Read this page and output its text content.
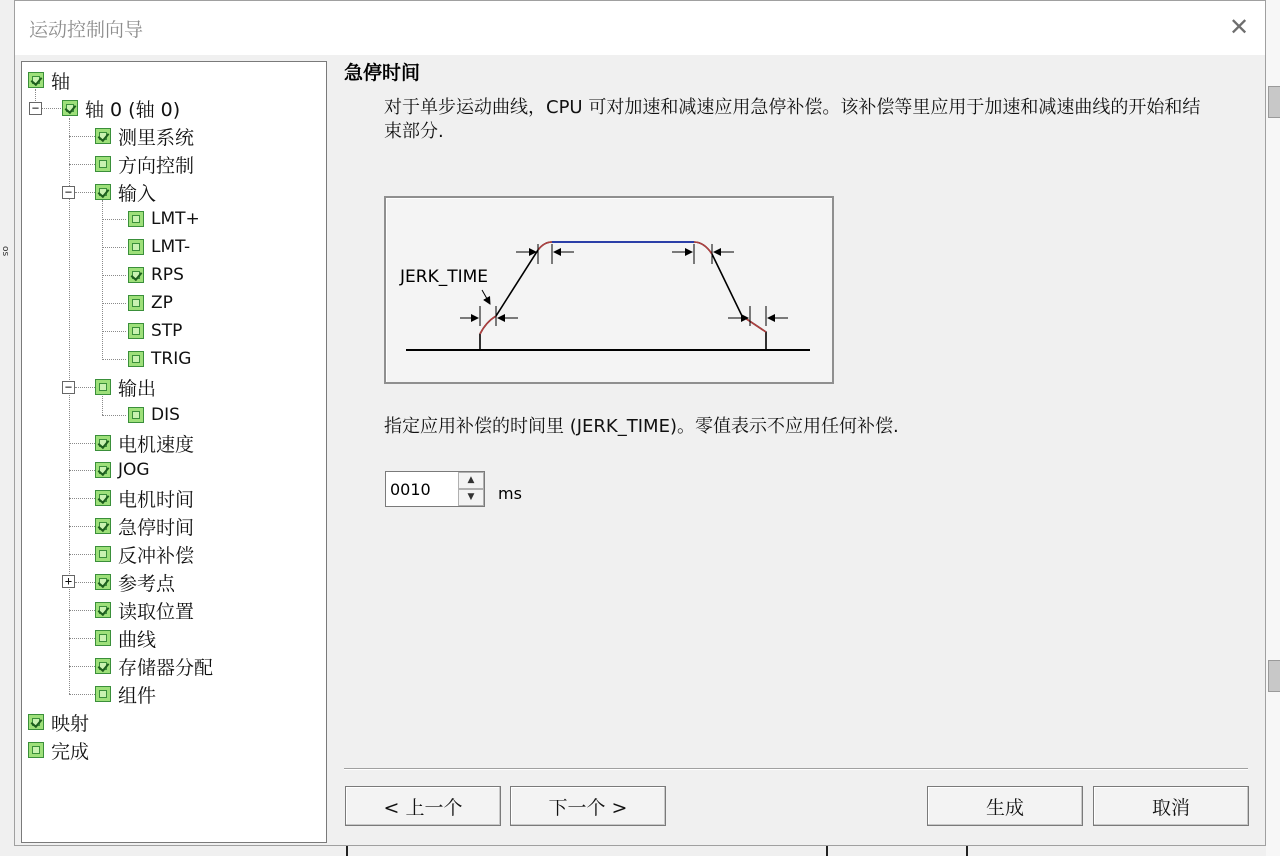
os
运动控制向导	✕
−
−
−
+
轴
轴 0 (轴 0)
测里系统
方向控制
输入
LMT+
LMT-
RPS
ZP
STP
TRIG
输出
DIS
电机速度
JOG
电机时间
急停时间
反冲补偿
参考点
读取位置
曲线
存储器分配
组件
映射
完成
急停时间
对于单步运动曲线，CPU 可对加速和减速应用急停补偿。该补偿等里应用于加速和减速曲线的开始和结束部分.
JERK_TIME
指定应用补偿的时间里 (JERK_TIME)。零值表示不应用任何补偿.
0010
▲
▼	ms
< 上一个	下一个 >	生成	取消
